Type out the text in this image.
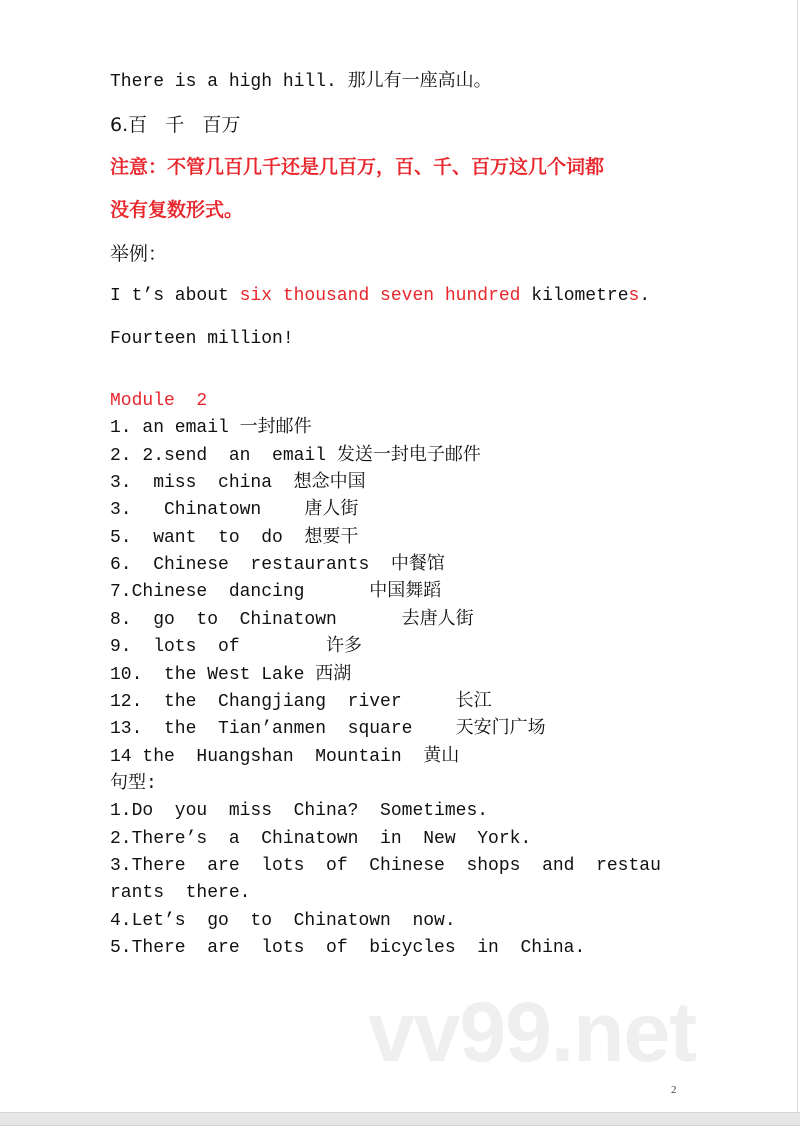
There is a high hill. 那儿有一座高山。
6.百   千   百万
注意：不管几百几千还是几百万，百、千、百万这几个词都
没有复数形式。
举例：
I t’s about six thousand seven hundred kilometres.
Fourteen million!
Module  2
1. an email 一封邮件
2. 2.send  an  email 发送一封电子邮件
3.  miss  china  想念中国
3.   Chinatown    唐人街
5.  want  to  do  想要干
6.  Chinese  restaurants  中餐馆
7.Chinese  dancing      中国舞蹈
8.  go  to  Chinatown      去唐人街
9.  lots  of        许多
10.  the West Lake 西湖
12.  the  Changjiang  river     长江
13.  the  Tian’anmen  square    天安门广场
14 the  Huangshan  Mountain  黄山
句型:
1.Do  you  miss  China?  Sometimes.
2.There’s  a  Chinatown  in  New  York.
3.There  are  lots  of  Chinese  shops  and  restau
rants  there.
4.Let’s  go  to  Chinatown  now.
5.There  are  lots  of  bicycles  in  China.
vv99.net
2
